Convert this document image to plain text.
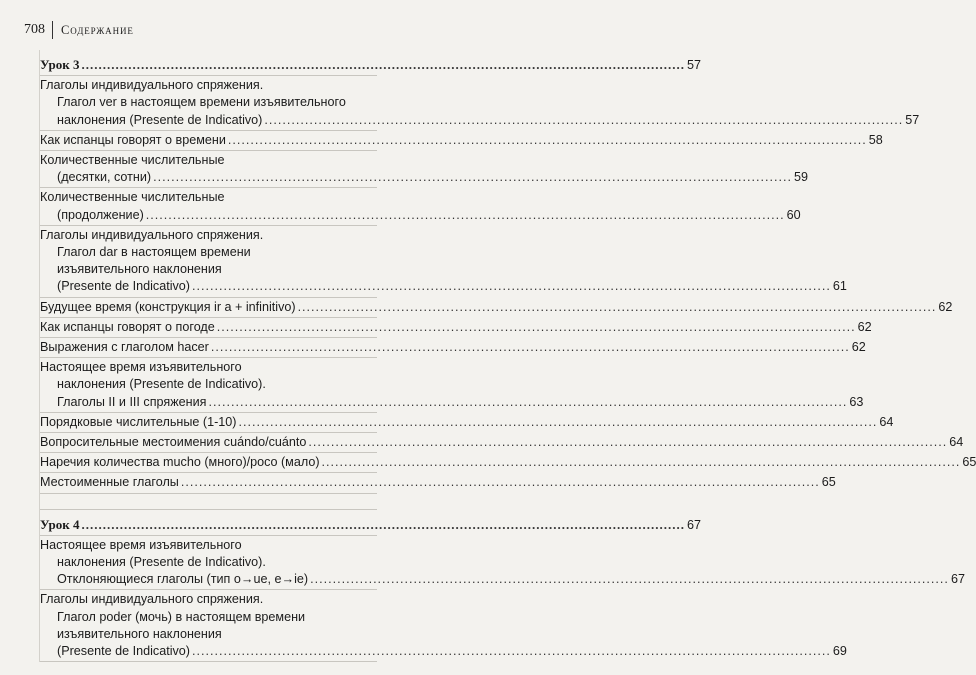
708 Содержание
Урок 3 .....	57
Глаголы индивидуального спряжения.
Глагол ver в настоящем времени изъявительного
наклонения (Presente de Indicativo) .....	57
Как испанцы говорят о времени .....	58
Количественные числительные
(десятки, сотни) .....	59
Количественные числительные
(продолжение) .....	60
Глаголы индивидуального спряжения.
Глагол dar в настоящем времени
изъявительного наклонения
(Presente de Indicativo) .....	61
Будущее время (конструкция ir a + infinitivo) .....	62
Как испанцы говорят о погоде .....	62
Выражения с глаголом hacer .....	62
Настоящее время изъявительного
наклонения (Presente de Indicativo).
Глаголы II и III спряжения .....	63
Порядковые числительные (1-10) .....	64
Вопросительные местоимения cuándo/cuánto .....	64
Наречия количества mucho (много)/poco (мало) .....	65
Местоименные глаголы .....	65
Урок 4 .....	67
Настоящее время изъявительного
наклонения (Presente de Indicativo).
Отклоняющиеся глаголы (тип o→ue, e→ie) .....	67
Глаголы индивидуального спряжения.
Глагол poder (мочь) в настоящем времени
изъявительного наклонения
(Presente de Indicativo) .....	69
